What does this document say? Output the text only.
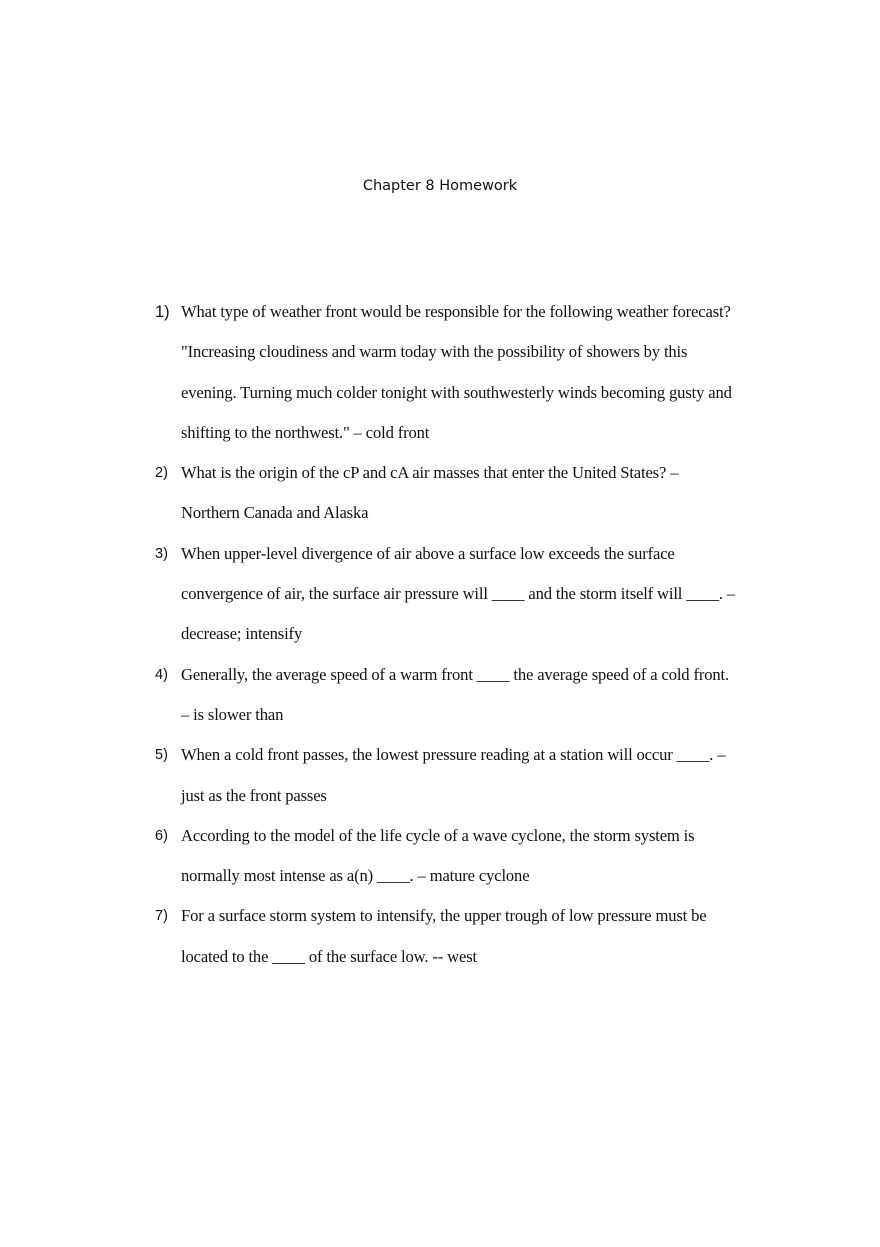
Chapter 8 Homework
1) What type of weather front would be responsible for the following weather forecast?
"Increasing cloudiness and warm today with the possibility of showers by this
evening. Turning much colder tonight with southwesterly winds becoming gusty and
shifting to the northwest." – cold front
2) What is the origin of the cP and cA air masses that enter the United States? –
Northern Canada and Alaska
3) When upper-level divergence of air above a surface low exceeds the surface
convergence of air, the surface air pressure will ____ and the storm itself will ____. –
decrease; intensify
4) Generally, the average speed of a warm front ____ the average speed of a cold front.
– is slower than
5) When a cold front passes, the lowest pressure reading at a station will occur ____. –
just as the front passes
6) According to the model of the life cycle of a wave cyclone, the storm system is
normally most intense as a(n) ____. – mature cyclone
7) For a surface storm system to intensify, the upper trough of low pressure must be
located to the ____ of the surface low. -- west
